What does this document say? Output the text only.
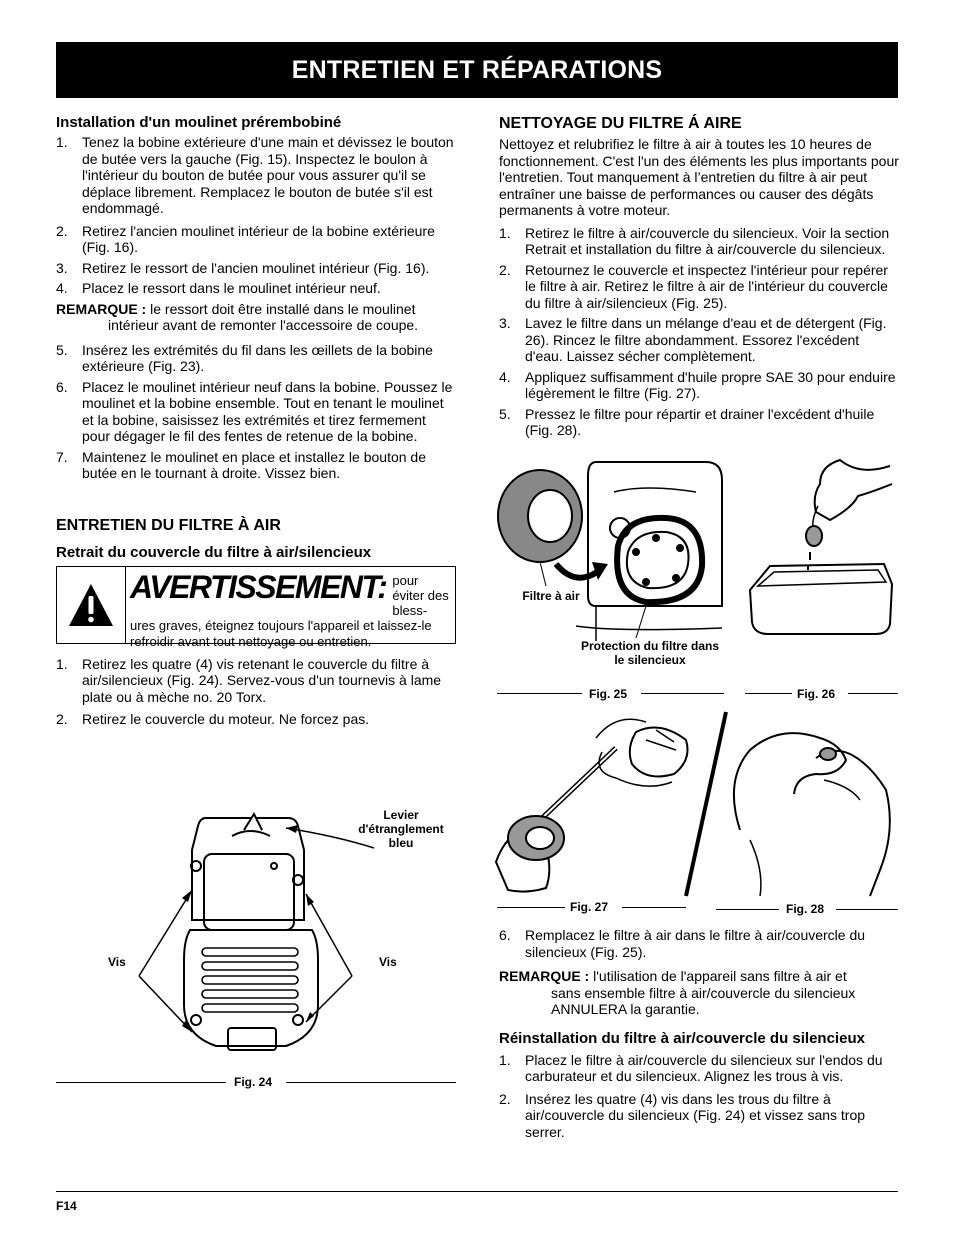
ENTRETIEN ET RÉPARATIONS
Installation d'un moulinet prérembobiné
1. Tenez la bobine extérieure d'une main et dévissez le bouton de butée vers la gauche (Fig. 15). Inspectez le boulon à l'intérieur du bouton de butée pour vous assurer qu'il se déplace librement. Remplacez le bouton de butée s'il est endommagé.
2. Retirez l'ancien moulinet intérieur de la bobine extérieure (Fig. 16).
3. Retirez le ressort de l'ancien moulinet intérieur (Fig. 16).
4. Placez le ressort dans le moulinet intérieur neuf.
REMARQUE : le ressort doit être installé dans le moulinet
intérieur avant de remonter l'accessoire de coupe.
5. Insérez les extrémités du fil dans les œillets de la bobine extérieure (Fig. 23).
6. Placez le moulinet intérieur neuf dans la bobine. Poussez le moulinet et la bobine ensemble. Tout en tenant le moulinet et la bobine, saisissez les extrémités et tirez fermement pour dégager le fil des fentes de retenue de la bobine.
7. Maintenez le moulinet en place et installez le bouton de butée en le tournant à droite. Vissez bien.
ENTRETIEN DU FILTRE À AIR
Retrait du couvercle du filtre à air/silencieux
AVERTISSEMENT: pour éviter des bless-
ures graves, éteignez toujours l'appareil et laissez-le refroidir avant tout nettoyage ou entretien.
1. Retirez les quatre (4) vis retenant le couvercle du filtre à air/silencieux (Fig. 24). Servez-vous d'un tournevis à lame plate ou à mèche no. 20 Torx.
2. Retirez le couvercle du moteur. Ne forcez pas.
Levier d'étranglement bleu
Vis	Vis
Fig. 24
NETTOYAGE DU FILTRE Á AIRE
Nettoyez et relubrifiez le filtre à air à toutes les 10 heures de fonctionnement. C'est l'un des éléments les plus importants pour l'entretien. Tout manquement à l’entretien du filtre à air peut entraîner une baisse de performances ou causer des dégâts permanents à votre moteur.
1. Retirez le filtre à air/couvercle du silencieux. Voir la section Retrait et installation du filtre à air/couvercle du silencieux.
2. Retournez le couvercle et inspectez l'intérieur pour repérer le filtre à air. Retirez le filtre à air de l'intérieur du couvercle du filtre à air/silencieux (Fig. 25).
3. Lavez le filtre dans un mélange d'eau et de détergent (Fig. 26). Rincez le filtre abondamment. Essorez l'excédent d'eau. Laissez sécher complètement.
4. Appliquez suffisamment d'huile propre SAE 30 pour enduire légèrement le filtre (Fig. 27).
5. Pressez le filtre pour répartir et drainer l'excédent d'huile (Fig. 28).
Filtre à air
Protection du filtre dans le silencieux
Fig. 25	Fig. 26
Fig. 27	Fig. 28
6. Remplacez le filtre à air dans le filtre à air/couvercle du silencieux (Fig. 25).
REMARQUE : l'utilisation de l'appareil sans filtre à air et
sans ensemble filtre à air/couvercle du silencieux ANNULERA la garantie.
Réinstallation du filtre à air/couvercle du silencieux
1. Placez le filtre à air/couvercle du silencieux sur l'endos du carburateur et du silencieux. Alignez les trous à vis.
2. Insérez les quatre (4) vis dans les trous du filtre à air/couvercle du silencieux (Fig. 24) et vissez sans trop serrer.
F14
